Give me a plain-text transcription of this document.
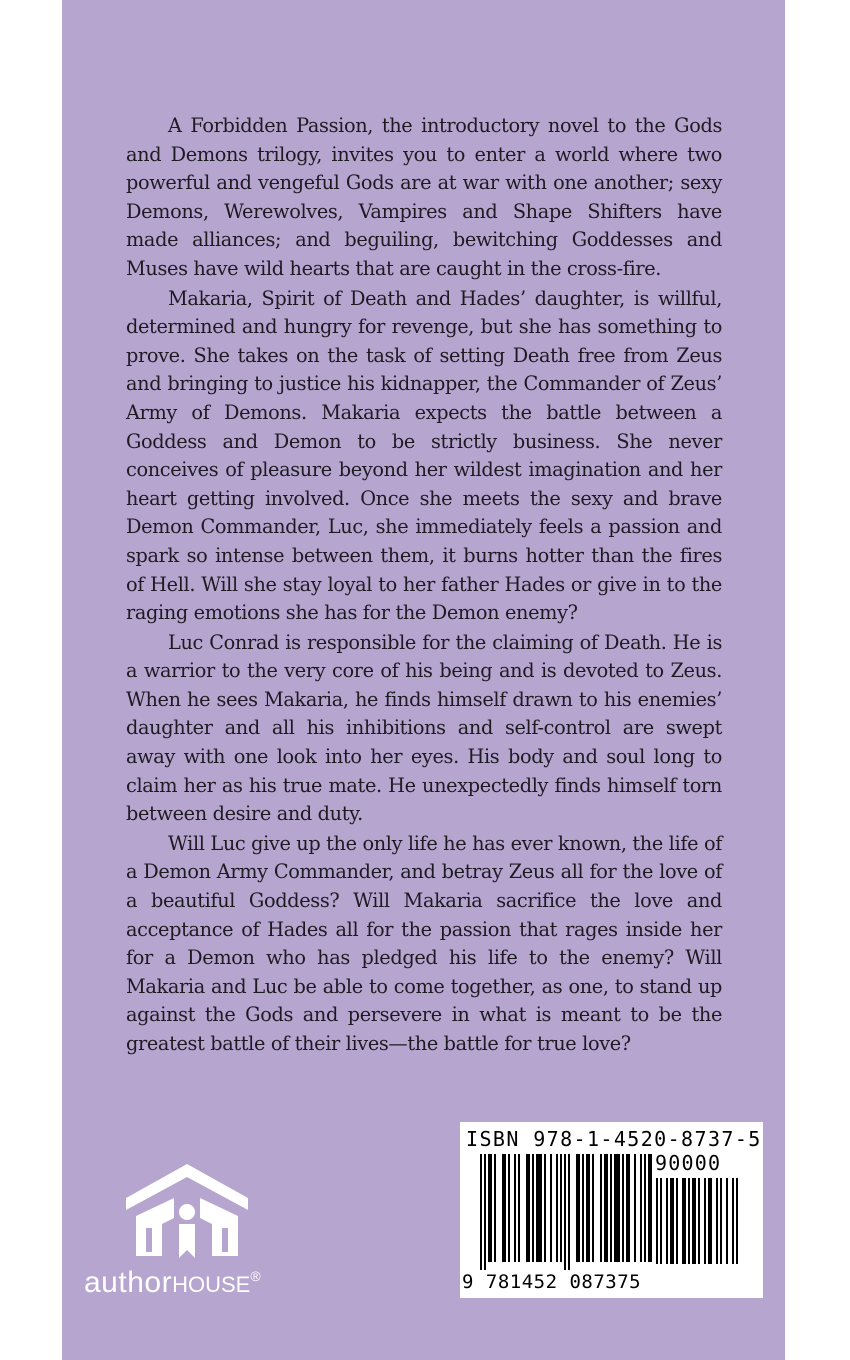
A Forbidden Passion, the introductory novel to the Gods and Demons trilogy, invites you to enter a world where two powerful and vengeful Gods are at war with one another; sexy Demons, Werewolves, Vampires and Shape Shifters have made alliances; and beguiling, bewitching Goddesses and Muses have wild hearts that are caught in the cross-fire.

Makaria, Spirit of Death and Hades’ daughter, is willful, determined and hungry for revenge, but she has something to prove. She takes on the task of setting Death free from Zeus and bringing to justice his kidnapper, the Commander of Zeus’ Army of Demons. Makaria expects the battle between a Goddess and Demon to be strictly business. She never conceives of pleasure beyond her wildest imagination and her heart getting involved. Once she meets the sexy and brave Demon Commander, Luc, she immediately feels a passion and spark so intense between them, it burns hotter than the fires of Hell. Will she stay loyal to her father Hades or give in to the raging emotions she has for the Demon enemy?

Luc Conrad is responsible for the claiming of Death. He is a warrior to the very core of his being and is devoted to Zeus. When he sees Makaria, he finds himself drawn to his enemies’ daughter and all his inhibitions and self-control are swept away with one look into her eyes. His body and soul long to claim her as his true mate. He unexpectedly finds himself torn between desire and duty.

Will Luc give up the only life he has ever known, the life of a Demon Army Commander, and betray Zeus all for the love of a beautiful Goddess? Will Makaria sacrifice the love and acceptance of Hades all for the passion that rages inside her for a Demon who has pledged his life to the enemy? Will Makaria and Luc be able to come together, as one, to stand up against the Gods and persevere in what is meant to be the greatest battle of their lives—the battle for true love?

authorHOUSE®
ISBN 978-1-4520-8737-5
90000
9 781452 087375
